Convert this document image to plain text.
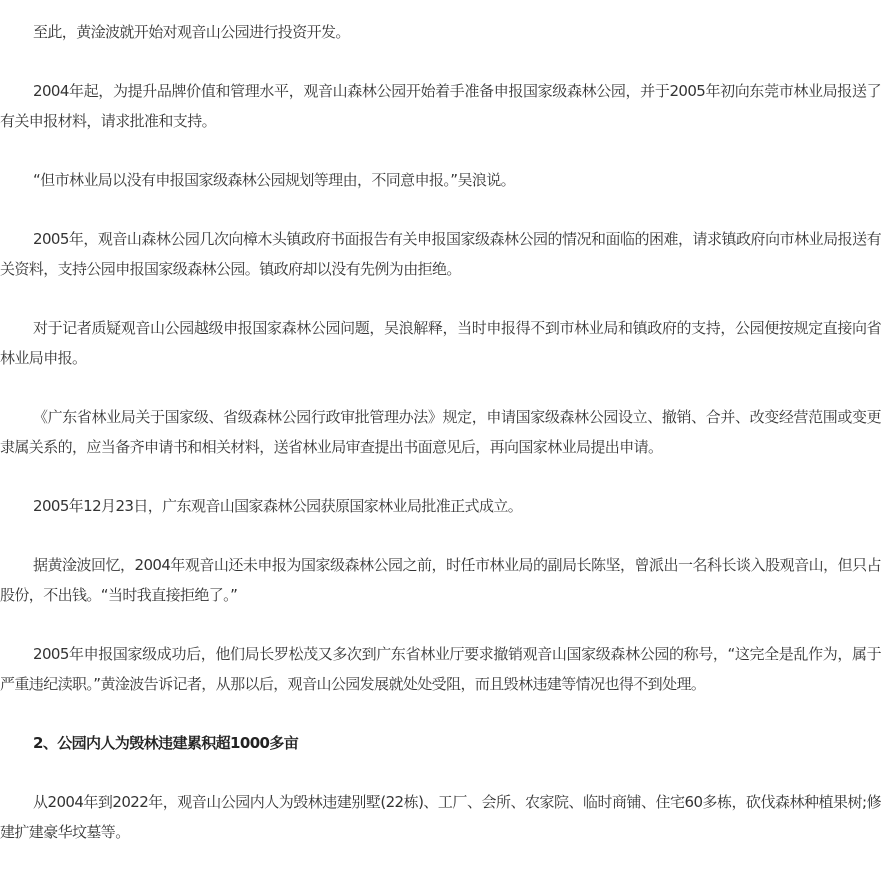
至此，黄淦波就开始对观音山公园进行投资开发。

2004年起，为提升品牌价值和管理水平，观音山森林公园开始着手准备申报国家级森林公园，并于2005年初向东莞市林业局报送了有关申报材料，请求批准和支持。

“但市林业局以没有申报国家级森林公园规划等理由，不同意申报。”吴浪说。

2005年，观音山森林公园几次向樟木头镇政府书面报告有关申报国家级森林公园的情况和面临的困难，请求镇政府向市林业局报送有关资料，支持公园申报国家级森林公园。镇政府却以没有先例为由拒绝。

对于记者质疑观音山公园越级申报国家森林公园问题，吴浪解释，当时申报得不到市林业局和镇政府的支持，公园便按规定直接向省林业局申报。

《广东省林业局关于国家级、省级森林公园行政审批管理办法》规定，申请国家级森林公园设立、撤销、合并、改变经营范围或变更隶属关系的，应当备齐申请书和相关材料，送省林业局审查提出书面意见后，再向国家林业局提出申请。

2005年12月23日，广东观音山国家森林公园获原国家林业局批准正式成立。

据黄淦波回忆，2004年观音山还未申报为国家级森林公园之前，时任市林业局的副局长陈坚，曾派出一名科长谈入股观音山，但只占股份，不出钱。“当时我直接拒绝了。”

2005年申报国家级成功后，他们局长罗松茂又多次到广东省林业厅要求撤销观音山国家级森林公园的称号，“这完全是乱作为，属于严重违纪渎职。”黄淦波告诉记者，从那以后，观音山公园发展就处处受阻，而且毁林违建等情况也得不到处理。

2、公园内人为毁林违建累积超1000多亩

从2004年到2022年，观音山公园内人为毁林违建别墅(22栋)、工厂、会所、农家院、临时商铺、住宅60多栋，砍伐森林种植果树;修建扩建豪华坟墓等。
